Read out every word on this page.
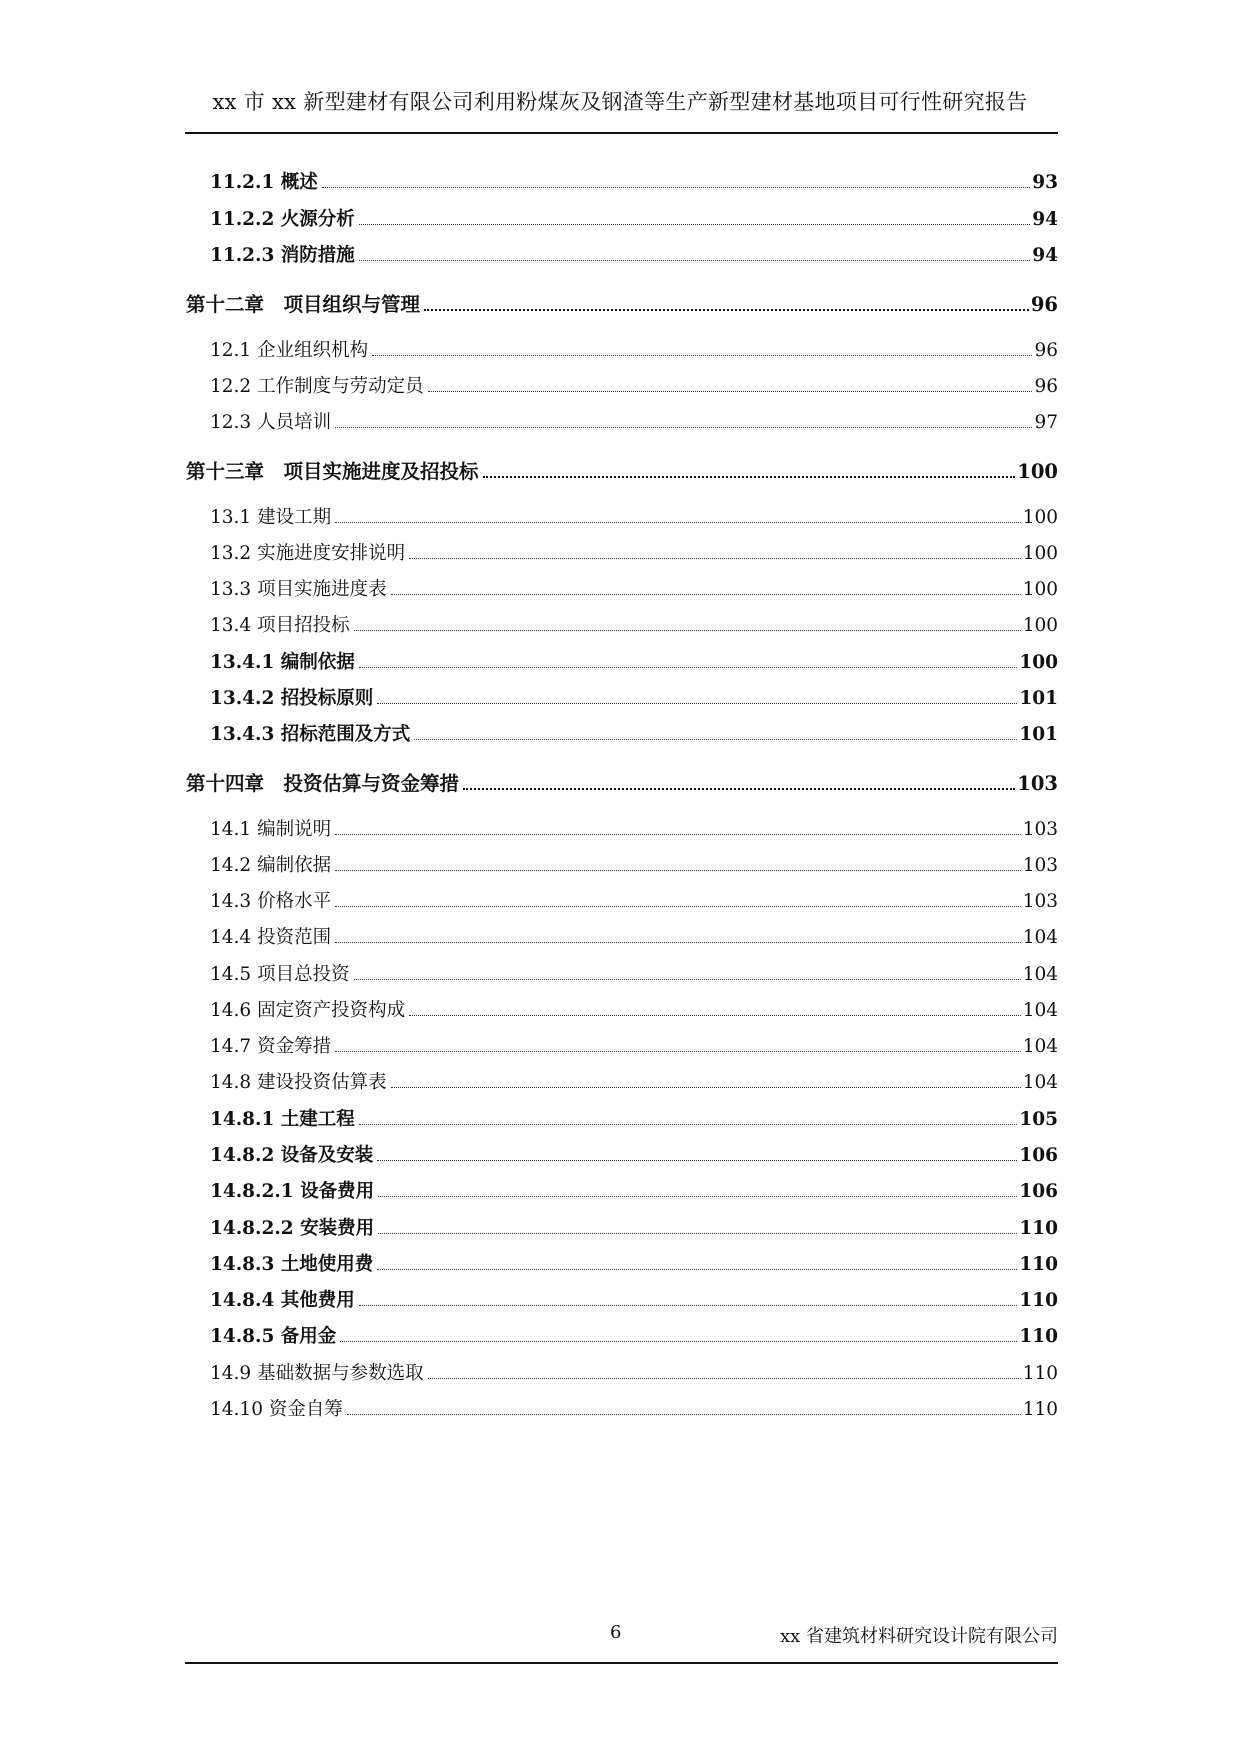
xx 市 xx 新型建材有限公司利用粉煤灰及钢渣等生产新型建材基地项目可行性研究报告
11.2.1 概述	93
11.2.2 火源分析	94
11.2.3 消防措施	94
第十二章　项目组织与管理	96
12.1 企业组织机构	96
12.2 工作制度与劳动定员	96
12.3 人员培训	97
第十三章　项目实施进度及招投标	100
13.1 建设工期	100
13.2 实施进度安排说明	100
13.3 项目实施进度表	100
13.4 项目招投标	100
13.4.1 编制依据	100
13.4.2 招投标原则	101
13.4.3 招标范围及方式	101
第十四章　投资估算与资金筹措	103
14.1 编制说明	103
14.2 编制依据	103
14.3 价格水平	103
14.4 投资范围	104
14.5 项目总投资	104
14.6 固定资产投资构成	104
14.7 资金筹措	104
14.8 建设投资估算表	104
14.8.1 土建工程	105
14.8.2 设备及安装	106
14.8.2.1 设备费用	106
14.8.2.2 安装费用	110
14.8.3 土地使用费	110
14.8.4 其他费用	110
14.8.5 备用金	110
14.9 基础数据与参数选取	110
14.10 资金自筹	110
6	xx 省建筑材料研究设计院有限公司
